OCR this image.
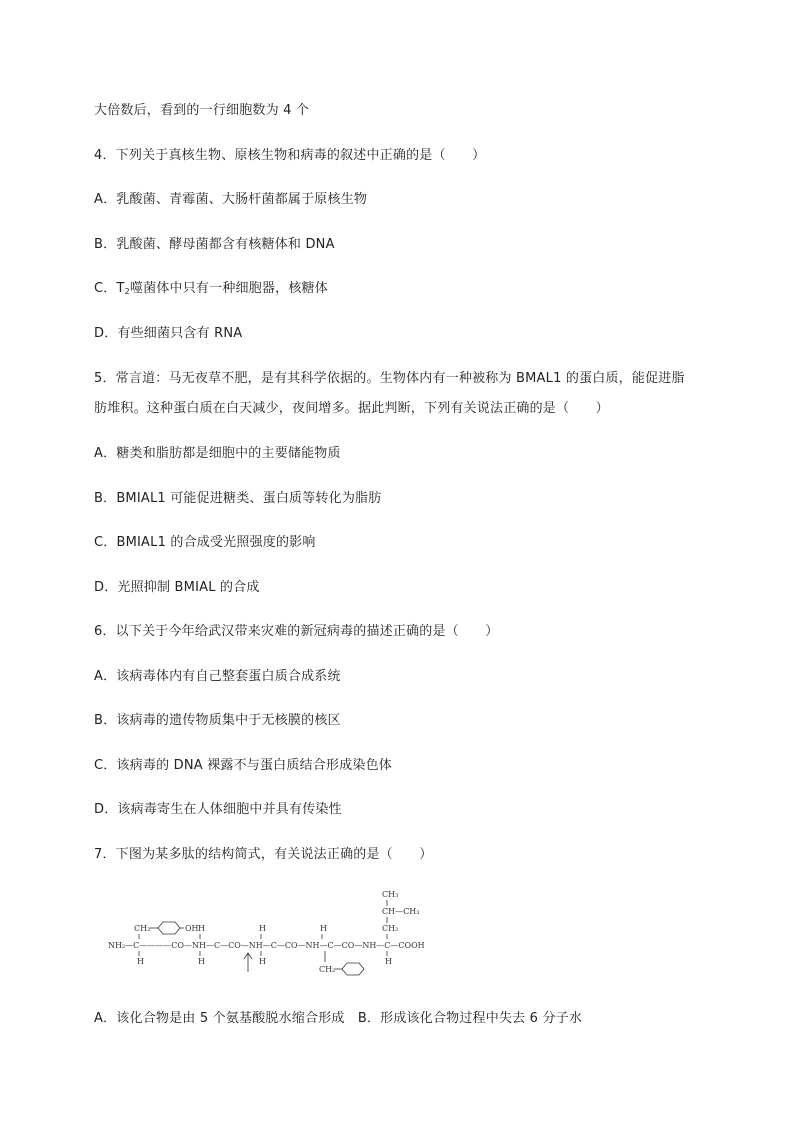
大倍数后，看到的一行细胞数为 4 个
4．下列关于真核生物、原核生物和病毒的叙述中正确的是（　　）
A．乳酸菌、青霉菌、大肠杆菌都属于原核生物
B．乳酸菌、酵母菌都含有核糖体和 DNA
C．$T_2$噬菌体中只有一种细胞器，核糖体
D．有些细菌只含有 RNA
5．常言道：马无夜草不肥，是有其科学依据的。生物体内有一种被称为 BMAL1 的蛋白质，能促进脂
肪堆积。这种蛋白质在白天减少，夜间增多。据此判断，下列有关说法正确的是（　　）
A．糖类和脂肪都是细胞中的主要储能物质
B．BMIAL1 可能促进糖类、蛋白质等转化为脂肪
C．BMIAL1 的合成受光照强度的影响
D．光照抑制 BMIAL 的合成
6．以下关于今年给武汉带来灾难的新冠病毒的描述正确的是（　　）
A．该病毒体内有自己整套蛋白质合成系统
B．该病毒的遗传物质集中于无核膜的核区
C．该病毒的 DNA 裸露不与蛋白质结合形成染色体
D．该病毒寄生在人体细胞中并具有传染性
7．下图为某多肽的结构简式，有关说法正确的是（　　）
CH₃
CH—CH₃
CH₂
CH₂	OH H	H	H
NH₂—C————CO—NH—C—CO—NH—C—CO—NH—C—CO—NH—C—COOH
H	H	H	H
CH₂
A．该化合物是由 5 个氨基酸脱水缩合形成　B．形成该化合物过程中失去 6 分子水
